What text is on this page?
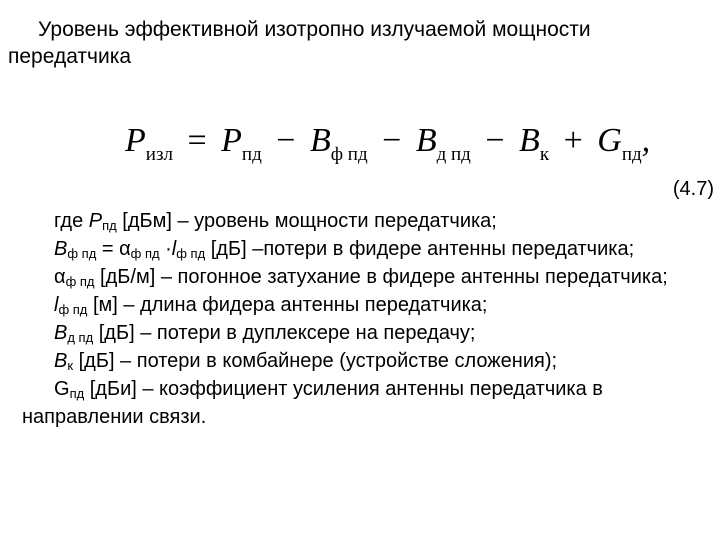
Уровень эффективной изотропно излучаемой мощности передатчика

$P_{изл} = P_{пд} - B_{ф пд} - B_{д пд} - B_к + G_{пд}$,

(4.7)

где $P_{пд}$ [дБм] – уровень мощности передатчика;
$B_{ф пд} = \alpha_{ф пд} \cdot l_{ф пд}$ [дБ] –потери в фидере антенны передатчика;
$\alpha_{ф пд}$ [дБ/м] – погонное затухание в фидере антенны передатчика;
$l_{ф пд}$ [м] – длина фидера антенны передатчика;
$B_{д пд}$ [дБ] – потери в дуплексере на передачу;
$B_к$ [дБ] – потери в комбайнере (устройстве сложения);
$G_{пд}$ [дБи] – коэффициент усиления антенны передатчика в направлении связи.
